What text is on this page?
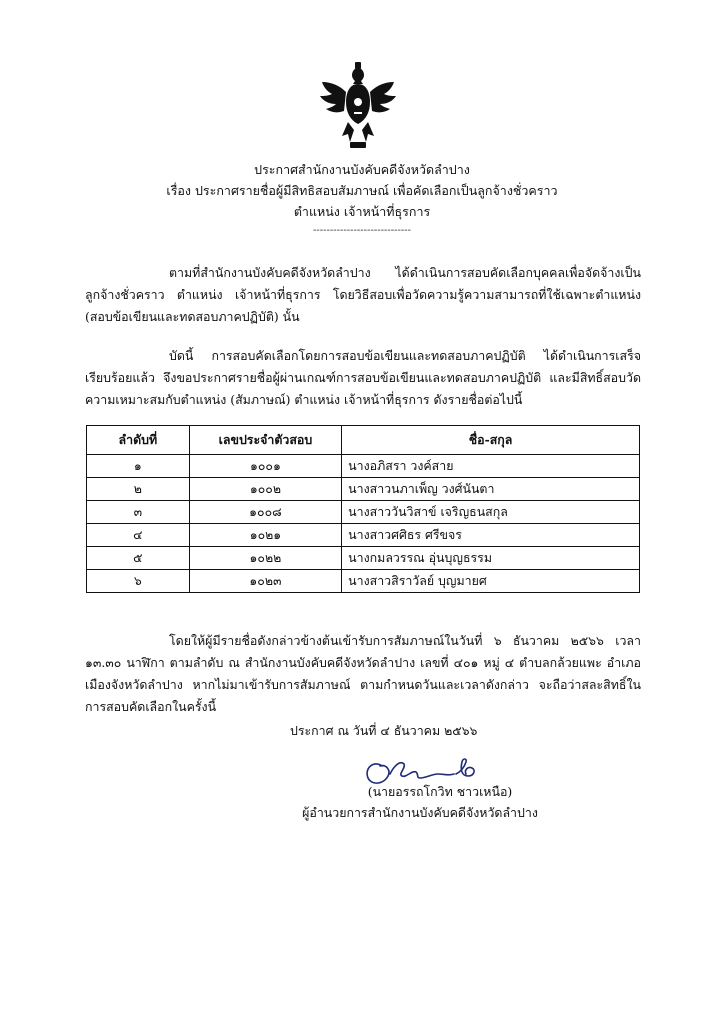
ประกาศสำนักงานบังคับคดีจังหวัดลำปาง
เรื่อง ประกาศรายชื่อผู้มีสิทธิสอบสัมภาษณ์ เพื่อคัดเลือกเป็นลูกจ้างชั่วคราว
ตำแหน่ง เจ้าหน้าที่ธุรการ
-----------------------------

ตามที่สำนักงานบังคับคดีจังหวัดลำปาง ได้ดำเนินการสอบคัดเลือกบุคคลเพื่อจัดจ้างเป็นลูกจ้างชั่วคราว ตำแหน่ง เจ้าหน้าที่ธุรการ โดยวิธีสอบเพื่อวัดความรู้ความสามารถที่ใช้เฉพาะตำแหน่ง (สอบข้อเขียนและทดสอบภาคปฏิบัติ) นั้น

บัดนี้ การสอบคัดเลือกโดยการสอบข้อเขียนและทดสอบภาคปฏิบัติ ได้ดำเนินการเสร็จเรียบร้อยแล้ว จึงขอประกาศรายชื่อผู้ผ่านเกณฑ์การสอบข้อเขียนและทดสอบภาคปฏิบัติ และมีสิทธิ์สอบวัดความเหมาะสมกับตำแหน่ง (สัมภาษณ์) ตำแหน่ง เจ้าหน้าที่ธุรการ ดังรายชื่อต่อไปนี้

ลำดับที่	เลขประจำตัวสอบ	ชื่อ-สกุล
๑	๑๐๐๑	นางอภิสรา วงค์สาย
๒	๑๐๐๒	นางสาวนภาเพ็ญ วงศ์นันตา
๓	๑๐๐๘	นางสาววันวิสาข์ เจริญธนสกุล
๔	๑๐๒๑	นางสาวศศิธร ศรีขจร
๕	๑๐๒๒	นางกมลวรรณ อุ่นบุญธรรม
๖	๑๐๒๓	นางสาวสิราวัลย์ บุญมายศ

โดยให้ผู้มีรายชื่อดังกล่าวข้างต้นเข้ารับการสัมภาษณ์ในวันที่ ๖ ธันวาคม ๒๕๖๖ เวลา ๑๓.๓๐ นาฬิกา ตามลำดับ ณ สำนักงานบังคับคดีจังหวัดลำปาง เลขที่ ๔๐๑ หมู่ ๔ ตำบลกล้วยแพะ อำเภอเมืองจังหวัดลำปาง หากไม่มาเข้ารับการสัมภาษณ์ ตามกำหนดวันและเวลาดังกล่าว จะถือว่าสละสิทธิ์ในการสอบคัดเลือกในครั้งนี้

ประกาศ ณ วันที่ ๔ ธันวาคม ๒๕๖๖
(นายอรรถโกวิท ชาวเหนือ)
ผู้อำนวยการสำนักงานบังคับคดีจังหวัดลำปาง
